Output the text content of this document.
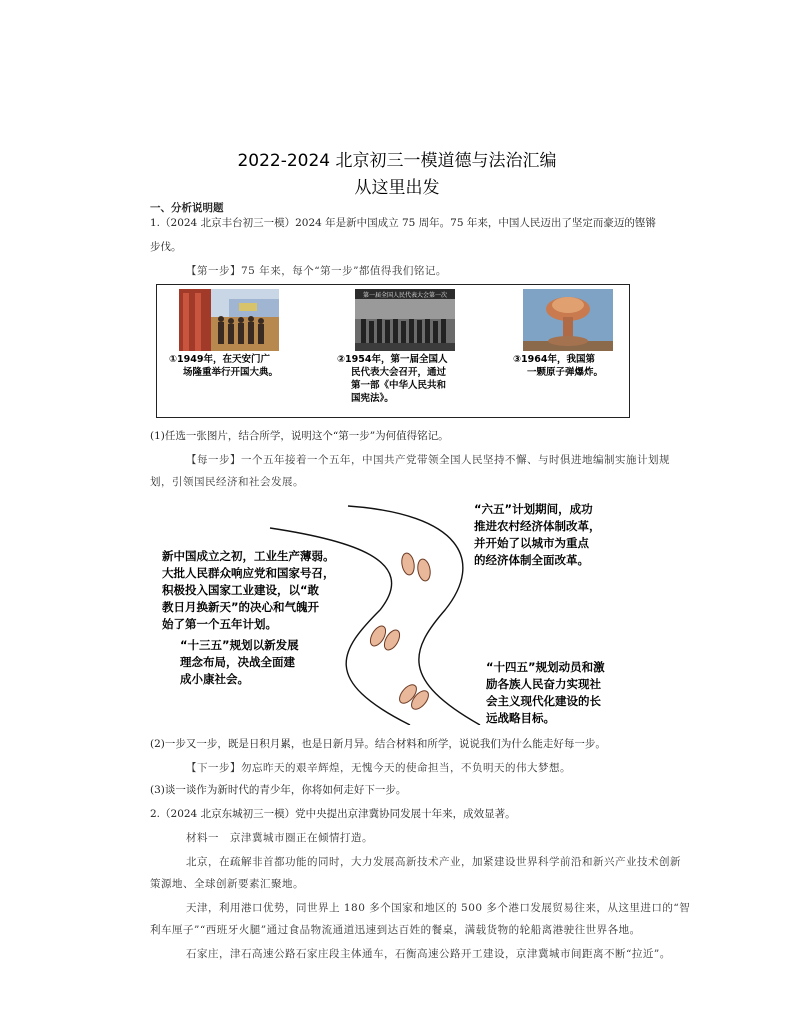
2022-2024 北京初三一模道德与法治汇编
从这里出发
一、分析说明题
1.（2024 北京丰台初三一模）2024 年是新中国成立 75 周年。75 年来，中国人民迈出了坚定而豪迈的铿锵
步伐。
【第一步】75 年来，每个“第一步”都值得我们铭记。
第一届全国人民代表大会第一次
①1949年，在天安门广
场隆重举行开国大典。
②1954年，第一届全国人
民代表大会召开，通过
第一部《中华人民共和
国宪法》。
③1964年，我国第
一颗原子弹爆炸。
(1)任选一张图片，结合所学，说明这个“第一步”为何值得铭记。
【每一步】一个五年接着一个五年，中国共产党带领全国人民坚持不懈、与时俱进地编制实施计划规
划，引领国民经济和社会发展。
新中国成立之初，工业生产薄弱。
大批人民群众响应党和国家号召，
积极投入国家工业建设，以“敢
教日月换新天”的决心和气魄开
始了第一个五年计划。
“六五”计划期间，成功
推进农村经济体制改革，
并开始了以城市为重点
的经济体制全面改革。
“十三五”规划以新发展
理念布局，决战全面建
成小康社会。
“十四五”规划动员和激
励各族人民奋力实现社
会主义现代化建设的长
远战略目标。
(2)一步又一步，既是日积月累，也是日新月异。结合材料和所学，说说我们为什么能走好每一步。
【下一步】勿忘昨天的艰辛辉煌，无愧今天的使命担当，不负明天的伟大梦想。
(3)谈一谈作为新时代的青少年，你将如何走好下一步。
2.（2024 北京东城初三一模）党中央提出京津冀协同发展十年来，成效显著。
材料一　京津冀城市圈正在倾情打造。
北京，在疏解非首都功能的同时，大力发展高新技术产业，加紧建设世界科学前沿和新兴产业技术创新
策源地、全球创新要素汇聚地。
天津，利用港口优势，同世界上 180 多个国家和地区的 500 多个港口发展贸易往来，从这里进口的“智
利车厘子”“西班牙火腿”通过食品物流通道迅速到达百姓的餐桌，满载货物的轮船离港驶往世界各地。
石家庄，津石高速公路石家庄段主体通车，石衡高速公路开工建设，京津冀城市间距离不断“拉近”。
